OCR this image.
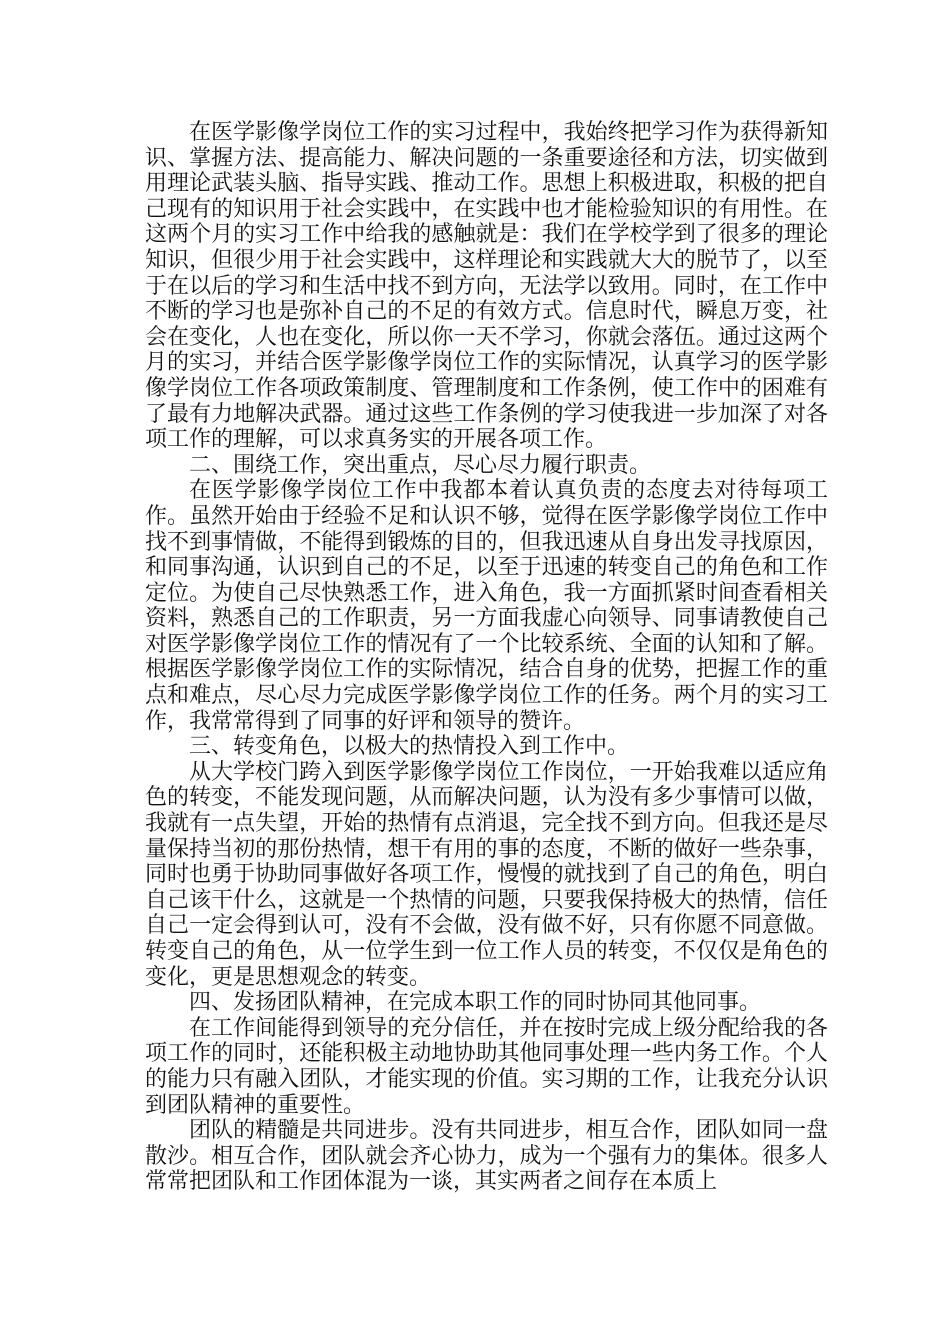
在医学影像学岗位工作的实习过程中，我始终把学习作为获得新知识、掌握方法、提高能力、解决问题的一条重要途径和方法，切实做到用理论武装头脑、指导实践、推动工作。思想上积极进取，积极的把自己现有的知识用于社会实践中，在实践中也才能检验知识的有用性。在这两个月的实习工作中给我的感触就是：我们在学校学到了很多的理论知识，但很少用于社会实践中，这样理论和实践就大大的脱节了，以至于在以后的学习和生活中找不到方向，无法学以致用。同时，在工作中不断的学习也是弥补自己的不足的有效方式。信息时代，瞬息万变，社会在变化，人也在变化，所以你一天不学习，你就会落伍。通过这两个月的实习，并结合医学影像学岗位工作的实际情况，认真学习的医学影像学岗位工作各项政策制度、管理制度和工作条例，使工作中的困难有了最有力地解决武器。通过这些工作条例的学习使我进一步加深了对各项工作的理解，可以求真务实的开展各项工作。

二、围绕工作，突出重点，尽心尽力履行职责。

在医学影像学岗位工作中我都本着认真负责的态度去对待每项工作。虽然开始由于经验不足和认识不够，觉得在医学影像学岗位工作中找不到事情做，不能得到锻炼的目的，但我迅速从自身出发寻找原因，和同事沟通，认识到自己的不足，以至于迅速的转变自己的角色和工作定位。为使自己尽快熟悉工作，进入角色，我一方面抓紧时间查看相关资料，熟悉自己的工作职责，另一方面我虚心向领导、同事请教使自己对医学影像学岗位工作的情况有了一个比较系统、全面的认知和了解。根据医学影像学岗位工作的实际情况，结合自身的优势，把握工作的重点和难点，尽心尽力完成医学影像学岗位工作的任务。两个月的实习工作，我常常得到了同事的好评和领导的赞许。

三、转变角色，以极大的热情投入到工作中。

从大学校门跨入到医学影像学岗位工作岗位，一开始我难以适应角色的转变，不能发现问题，从而解决问题，认为没有多少事情可以做，我就有一点失望，开始的热情有点消退，完全找不到方向。但我还是尽量保持当初的那份热情，想干有用的事的态度，不断的做好一些杂事，同时也勇于协助同事做好各项工作，慢慢的就找到了自己的角色，明白自己该干什么，这就是一个热情的问题，只要我保持极大的热情，信任自己一定会得到认可，没有不会做，没有做不好，只有你愿不同意做。转变自己的角色，从一位学生到一位工作人员的转变，不仅仅是角色的变化，更是思想观念的转变。

四、发扬团队精神，在完成本职工作的同时协同其他同事。

在工作间能得到领导的充分信任，并在按时完成上级分配给我的各项工作的同时，还能积极主动地协助其他同事处理一些内务工作。个人的能力只有融入团队，才能实现的价值。实习期的工作，让我充分认识到团队精神的重要性。

团队的精髓是共同进步。没有共同进步，相互合作，团队如同一盘散沙。相互合作，团队就会齐心协力，成为一个强有力的集体。很多人常常把团队和工作团体混为一谈，其实两者之间存在本质上
